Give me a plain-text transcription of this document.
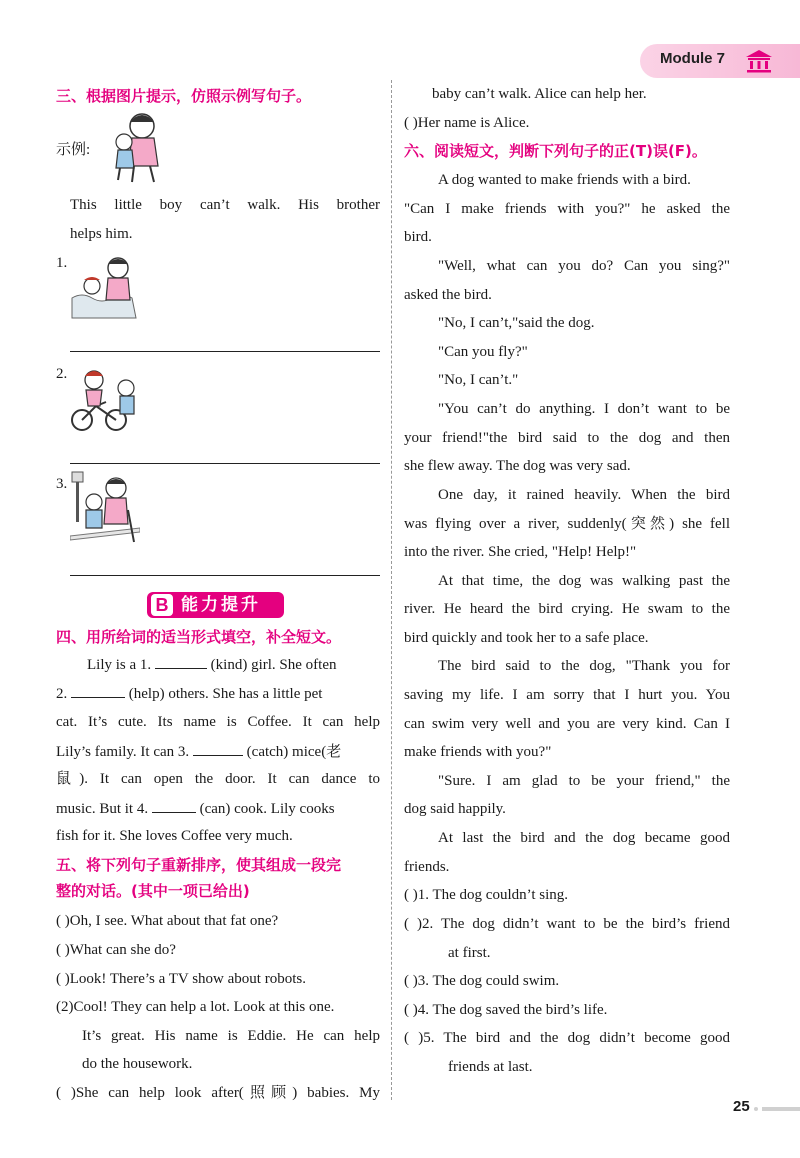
Module 7
三、根据图片提示，仿照示例写句子。
示例:
This little boy can’t walk. His brother
helps him.
1.
2.
3.
B 能力提升
四、用所给词的适当形式填空，补全短文。
Lily is a 1.	(kind) girl. She often
2.	(help) others. She has a little pet
cat. It’s cute. Its name is Coffee. It can help
Lily’s family. It can 3.	(catch) mice(老
鼠). It can open the door. It can dance to
music. But it 4.	(can) cook. Lily cooks
fish for it. She loves Coffee very much.
五、将下列句子重新排序，使其组成一段完
整的对话。(其中一项已给出)
( )Oh, I see. What about that fat one?
( )What can she do?
( )Look! There’s a TV show about robots.
(2)Cool! They can help a lot. Look at this one.
It’s great. His name is Eddie. He can help
do the housework.
( )She can help look after(照顾) babies. My
baby can’t walk. Alice can help her.
( )Her name is Alice.
六、阅读短文，判断下列句子的正(T)误(F)。
A dog wanted to make friends with a bird.
"Can I make friends with you?" he asked the
bird.
"Well, what can you do? Can you sing?"
asked the bird.
"No, I can’t,"said the dog.
"Can you fly?"
"No, I can’t."
"You can’t do anything. I don’t want to be
your friend!"the bird said to the dog and then
she flew away. The dog was very sad.
One day, it rained heavily. When the bird
was flying over a river, suddenly(突然) she fell
into the river. She cried, "Help! Help!"
At that time, the dog was walking past the
river. He heard the bird crying. He swam to the
bird quickly and took her to a safe place.
The bird said to the dog, "Thank you for
saving my life. I am sorry that I hurt you. You
can swim very well and you are very kind. Can I
make friends with you?"
"Sure. I am glad to be your friend," the
dog said happily.
At last the bird and the dog became good
friends.
( )1. The dog couldn’t sing.
( )2. The dog didn’t want to be the bird’s friend
at first.
( )3. The dog could swim.
( )4. The dog saved the bird’s life.
( )5. The bird and the dog didn’t become good
friends at last.
25
